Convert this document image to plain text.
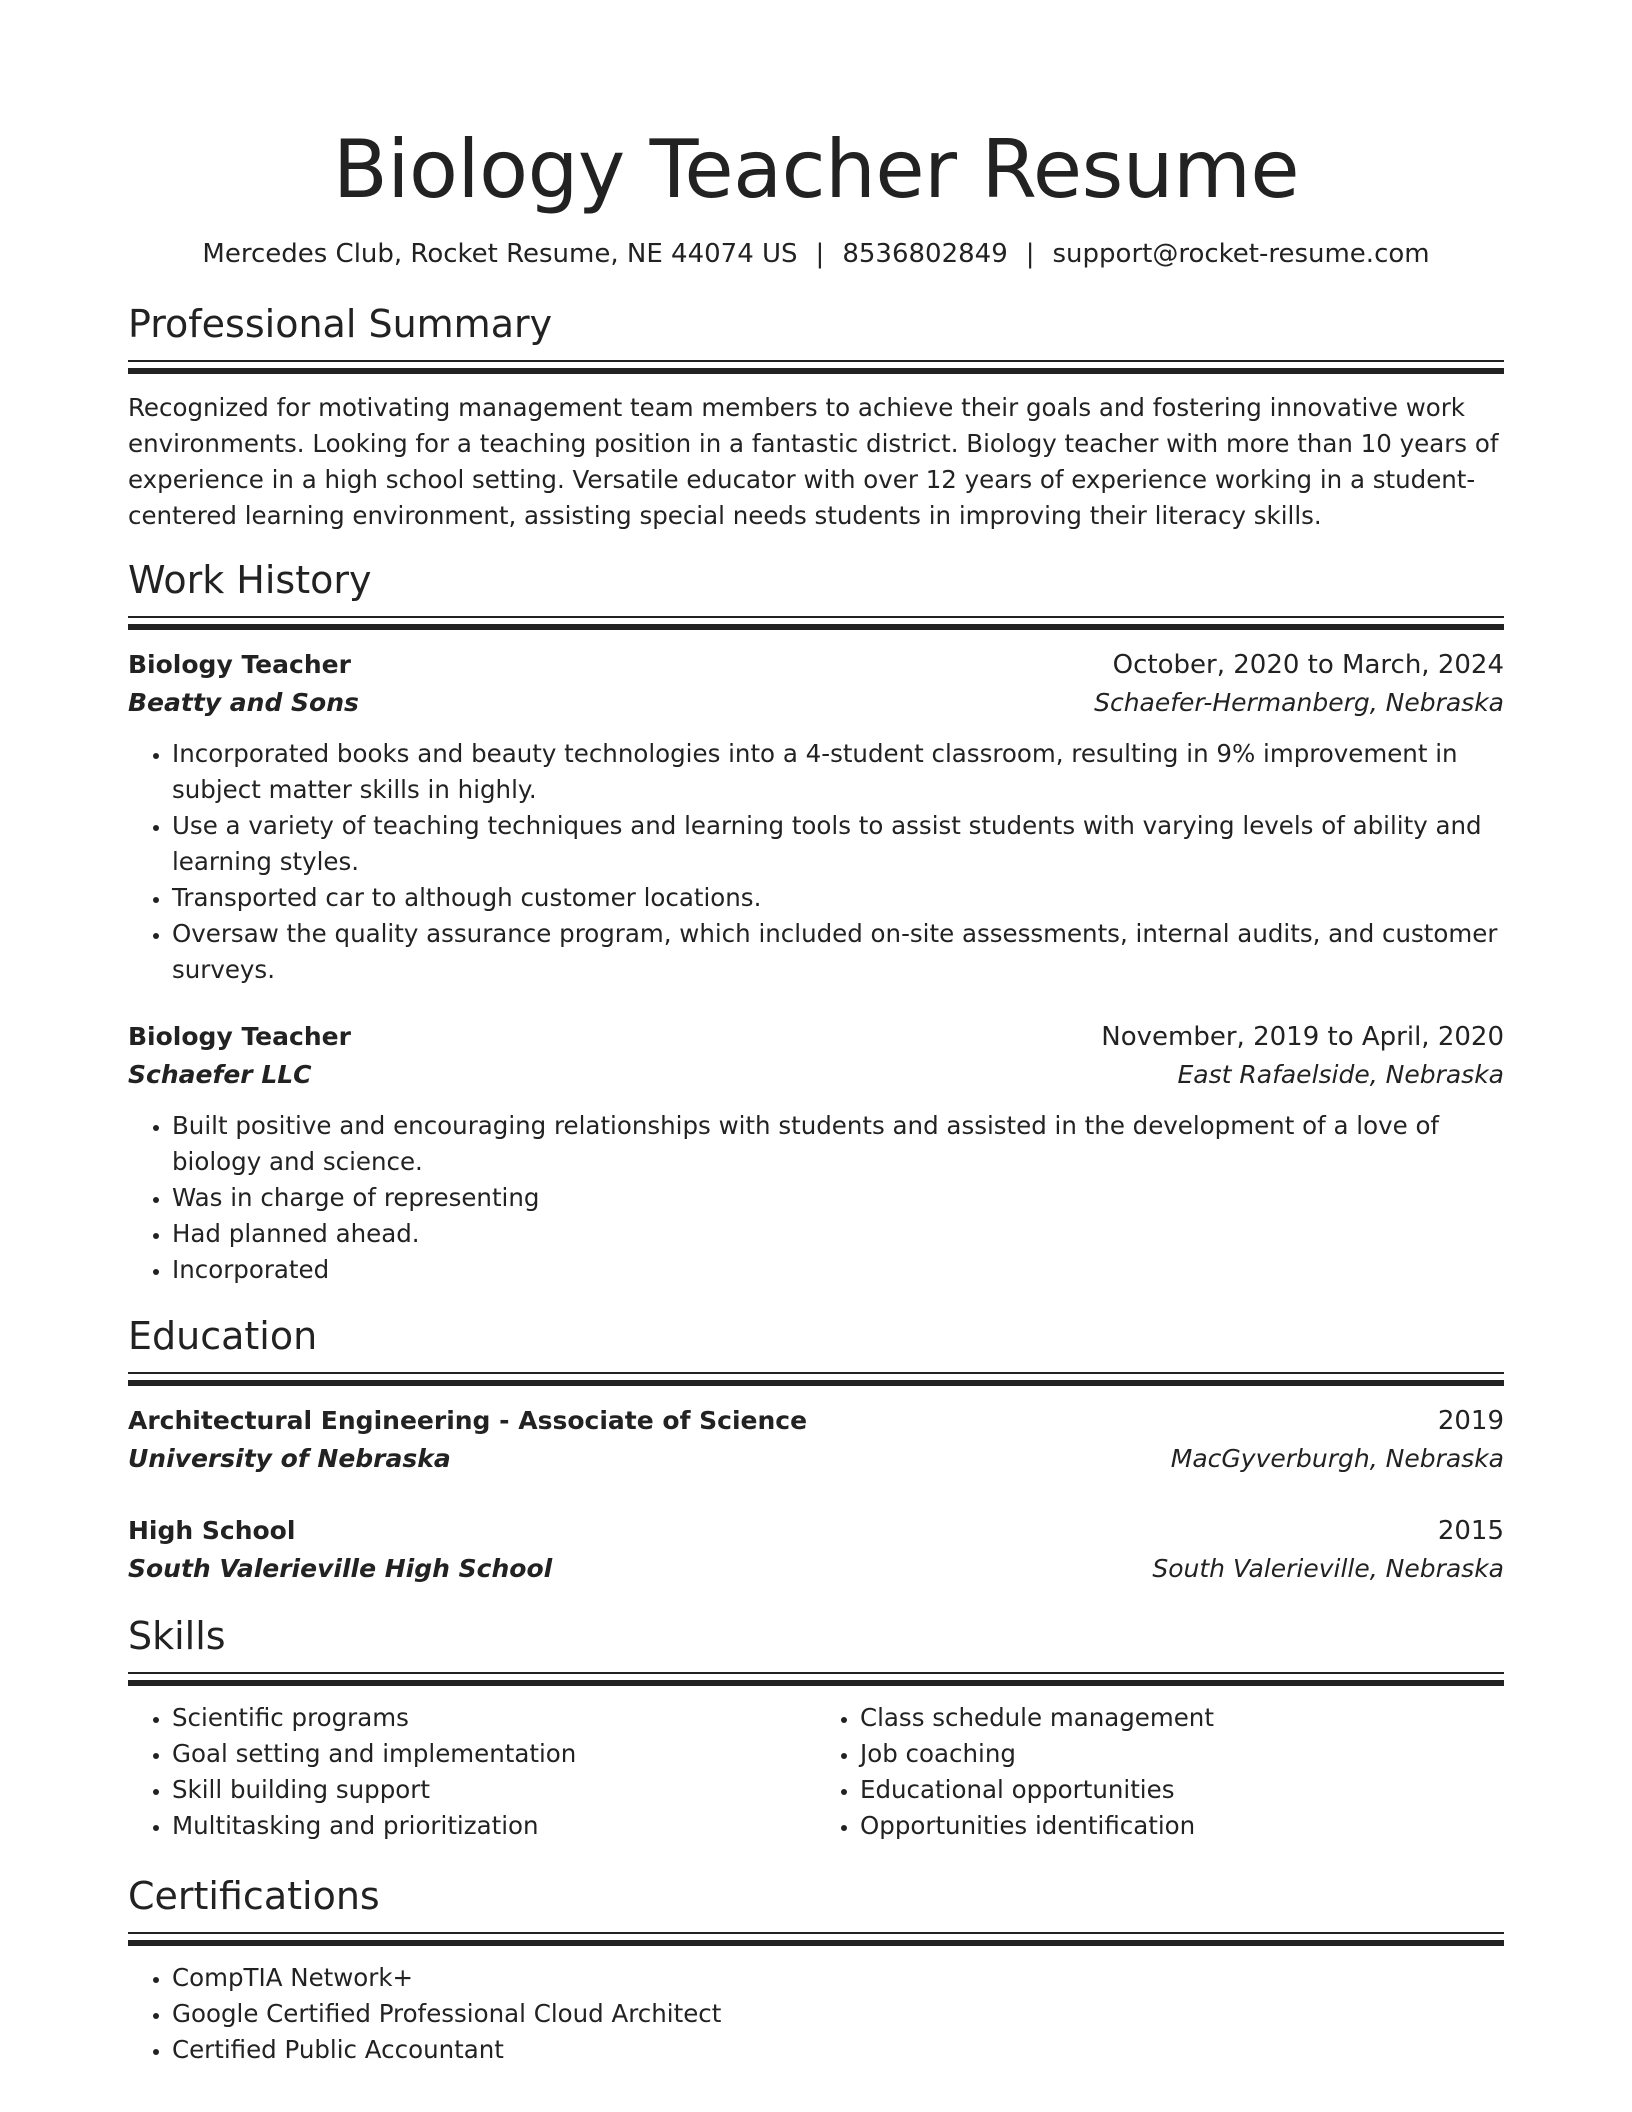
Biology Teacher Resume
Mercedes Club, Rocket Resume, NE 44074 US | 8536802849 | support@rocket-resume.com
Professional Summary

Recognized for motivating management team members to achieve their goals and fostering innovative work environments. Looking for a teaching position in a fantastic district. Biology teacher with more than 10 years of experience in a high school setting. Versatile educator with over 12 years of experience working in a student-centered learning environment, assisting special needs students in improving their literacy skills.

Work History
Biology Teacher	October, 2020 to March, 2024
Beatty and Sons	Schaefer-Hermanberg, Nebraska
• Incorporated books and beauty technologies into a 4-student classroom, resulting in 9% improvement in subject matter skills in highly.
• Use a variety of teaching techniques and learning tools to assist students with varying levels of ability and learning styles.
• Transported car to although customer locations.
• Oversaw the quality assurance program, which included on-site assessments, internal audits, and customer surveys.
Biology Teacher	November, 2019 to April, 2020
Schaefer LLC	East Rafaelside, Nebraska
• Built positive and encouraging relationships with students and assisted in the development of a love of biology and science.
• Was in charge of representing
• Had planned ahead.
• Incorporated
Education
Architectural Engineering - Associate of Science	2019
University of Nebraska	MacGyverburgh, Nebraska
High School	2015
South Valerieville High School	South Valerieville, Nebraska
Skills
• Scientific programs
• Goal setting and implementation
• Skill building support
• Multitasking and prioritization
• Class schedule management
• Job coaching
• Educational opportunities
• Opportunities identification
Certifications
• CompTIA Network+
• Google Certified Professional Cloud Architect
• Certified Public Accountant
